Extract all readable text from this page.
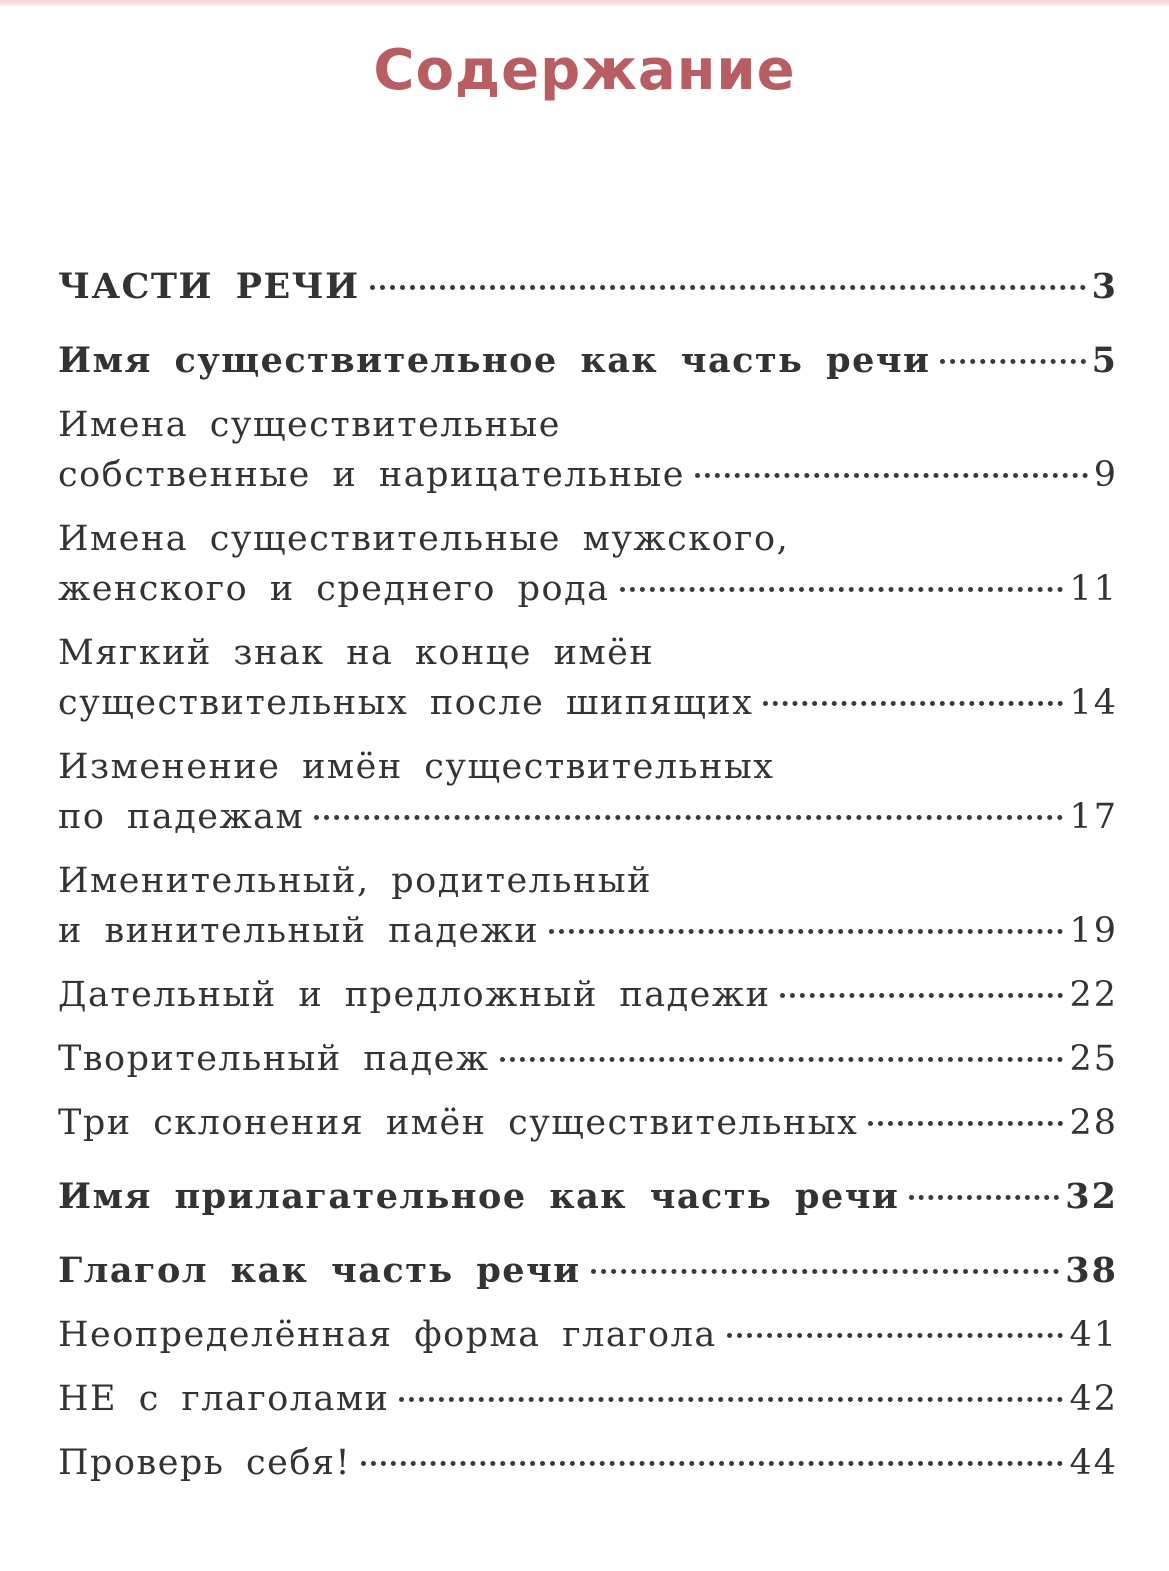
Содержание
ЧАСТИ РЕЧИ	3
Имя существительное как часть речи	5
Имена существительные
собственные и нарицательные	9
Имена существительные мужского,
женского и среднего рода	11
Мягкий знак на конце имён
существительных после шипящих	14
Изменение имён существительных
по падежам	17
Именительный, родительный
и винительный падежи	19
Дательный и предложный падежи	22
Творительный падеж	25
Три склонения имён существительных	28
Имя прилагательное как часть речи	32
Глагол как часть речи	38
Неопределённая форма глагола	41
НЕ с глаголами	42
Проверь себя!	44
